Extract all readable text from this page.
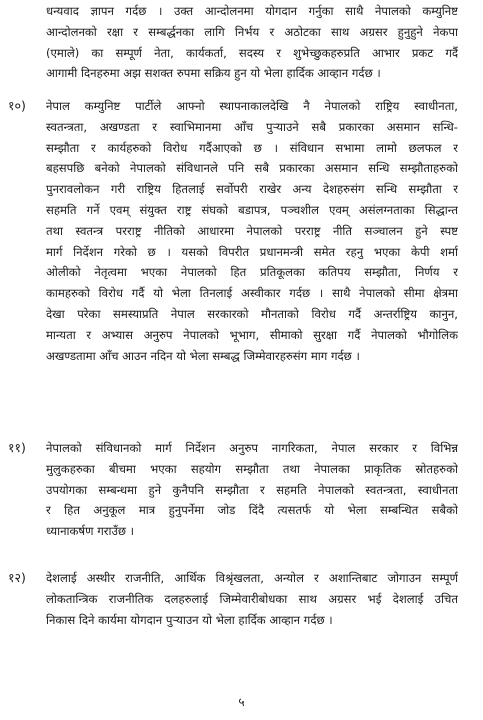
धन्यवाद ज्ञापन गर्दछ । उक्त आन्दोलनमा योगदान गर्नुका साथै नेपालको कम्युनिष्ट
आन्दोलनको रक्षा र सम्बर्द्धनका लागि निर्भय र अठोटका साथ अग्रसर हुनुहुने नेकपा
(एमाले) का सम्पूर्ण नेता, कार्यकर्ता, सदस्य र शुभेच्छुकहरुप्रति आभार प्रकट गर्दै
आगामी दिनहरुमा अझ सशक्त रुपमा सक्रिय हुन यो भेला हार्दिक आव्हान गर्दछ ।
१०) नेपाल कम्युनिष्ट पार्टीले आफ्नो स्थापनाकालदेखि नै नेपालको राष्ट्रिय स्वाधीनता,
स्वतन्त्रता, अखण्डता र स्वाभिमानमा आँच पुऱ्याउने सबै प्रकारका असमान सन्धि-
सम्झौता र कार्यहरुको विरोध गर्दैआएको छ । संविधान सभामा लामो छलफल र
बहसपछि बनेको नेपालको संविधानले पनि सबै प्रकारका असमान सन्धि सम्झौताहरुको
पुनरावलोकन गरी राष्ट्रिय हितलाई सर्वोपरी राखेर अन्य देशहरुसंग सन्धि सम्झौता र
सहमति गर्ने एवम् संयुक्त राष्ट्र संघको बडापत्र, पञ्चशील एवम् असंलग्नताका सिद्धान्त
तथा स्वतन्त्र परराष्ट्र नीतिको आधारमा नेपालको परराष्ट्र नीति सञ्चालन हुने स्पष्ट
मार्ग निर्देशन गरेको छ । यसको विपरीत प्रधानमन्त्री समेत रहनु भएका केपी शर्मा
ओलीको नेतृत्वमा भएका नेपालको हित प्रतिकूलका कतिपय सम्झौता, निर्णय र
कामहरुको विरोध गर्दै यो भेला तिनलाई अस्वीकार गर्दछ । साथै नेपालको सीमा क्षेत्रमा
देखा परेका समस्याप्रति नेपाल सरकारको मौनताको विरोध गर्दै अन्तर्राष्ट्रिय कानुन,
मान्यता र अभ्यास अनुरुप नेपालको भूभाग, सीमाको सुरक्षा गर्दै नेपालको भौगोलिक
अखण्डतामा आँच आउन नदिन यो भेला सम्बद्ध जिम्मेवारहरुसंग माग गर्दछ ।
११) नेपालको संविधानको मार्ग निर्देशन अनुरुप नागरिकता, नेपाल सरकार र विभिन्न
मुलुकहरुका बीचमा भएका सहयोग सम्झौता तथा नेपालका प्राकृतिक स्रोतहरुको
उपयोगका सम्बन्धमा हुने कुनैपनि सम्झौता र सहमति नेपालको स्वतन्त्रता, स्वाधीनता
र हित अनुकूल मात्र हुनुपर्नेमा जोड दिंदै त्यसतर्फ यो भेला सम्बन्धित सबैको
ध्यानाकर्षण गराउँछ ।
१२) देशलाई अस्थीर राजनीति, आर्थिक विश्रृंखलता, अन्योल र अशान्तिबाट जोगाउन सम्पूर्ण
लोकतान्त्रिक राजनीतिक दलहरुलाई जिम्मेवारीबोधका साथ अग्रसर भई देशलाई उचित
निकास दिने कार्यमा योगदान पुऱ्याउन यो भेला हार्दिक आव्हान गर्दछ ।
५
